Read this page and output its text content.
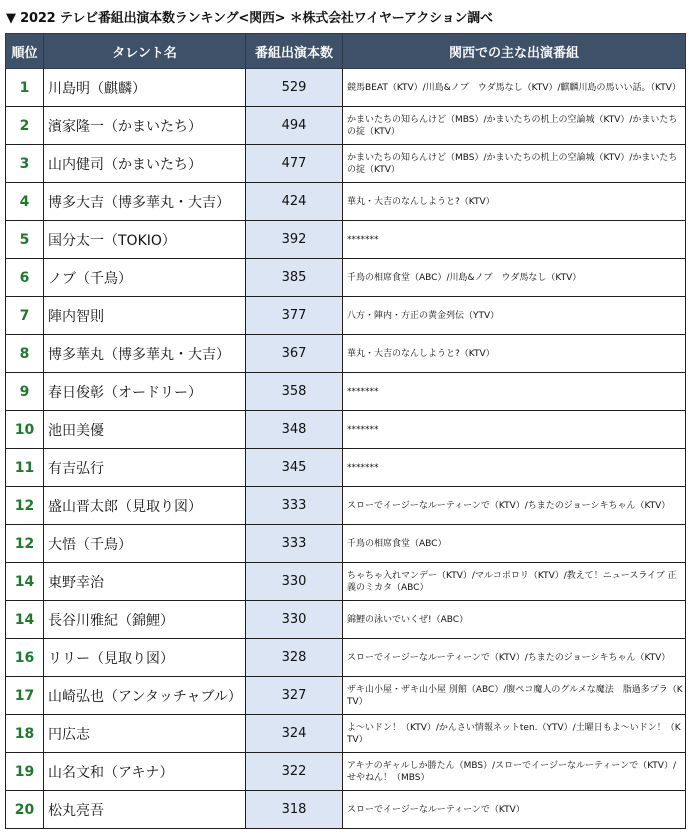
▼ 2022 テレビ番組出演本数ランキング<関西> ＊株式会社ワイヤーアクション調べ
順位	タレント名	番組出演本数	関西での主な出演番組
1	川島明（麒麟）	529	競馬BEAT（KTV）/川島&ノブ　ウダ馬なし（KTV）/麒麟川島の馬いい話。（KTV）
2	濱家隆一（かまいたち）	494	かまいたちの知らんけど（MBS）/かまいたちの机上の空論城（KTV）/かまいたちの掟（KTV）
3	山内健司（かまいたち）	477	かまいたちの知らんけど（MBS）/かまいたちの机上の空論城（KTV）/かまいたちの掟（KTV）
4	博多大吉（博多華丸・大吉）	424	華丸・大吉のなんしようと?（KTV）
5	国分太一（TOKIO）	392	*******
6	ノブ（千鳥）	385	千鳥の相席食堂（ABC）/川島&ノブ　ウダ馬なし（KTV）
7	陣内智則	377	八方・陣内・方正の黄金列伝（YTV）
8	博多華丸（博多華丸・大吉）	367	華丸・大吉のなんしようと?（KTV）
9	春日俊彰（オードリー）	358	*******
10	池田美優	348	*******
11	有吉弘行	345	*******
12	盛山晋太郎（見取り図）	333	スローでイージーなルーティーンで（KTV）/ちまたのジョーシキちゃん（KTV）
12	大悟（千鳥）	333	千鳥の相席食堂（ABC）
14	東野幸治	330	ちゃちゃ入れマンデー（KTV）/マルコポロリ（KTV）/教えて！ニュースライブ 正義のミカタ（ABC）
14	長谷川雅紀（錦鯉）	330	錦鯉の泳いでいくぜ!（ABC）
16	リリー（見取り図）	328	スローでイージーなルーティーンで（KTV）/ちまたのジョーシキちゃん（KTV）
17	山崎弘也（アンタッチャブル）	327	ザキ山小屋・ザキ山小屋 別館（ABC）/腹ペコ魔人のグルメな魔法　脂過多プラ（KTV）
18	円広志	324	よ～いドン！（KTV）/かんさい情報ネットten.（YTV）/土曜日もよ～いドン！（KTV）
19	山名文和（アキナ）	322	アキナのギャルしか勝たん（MBS）/スローでイージーなルーティーンで（KTV）/せやねん！（MBS）
20	松丸亮吾	318	スローでイージーなルーティーンで（KTV）
